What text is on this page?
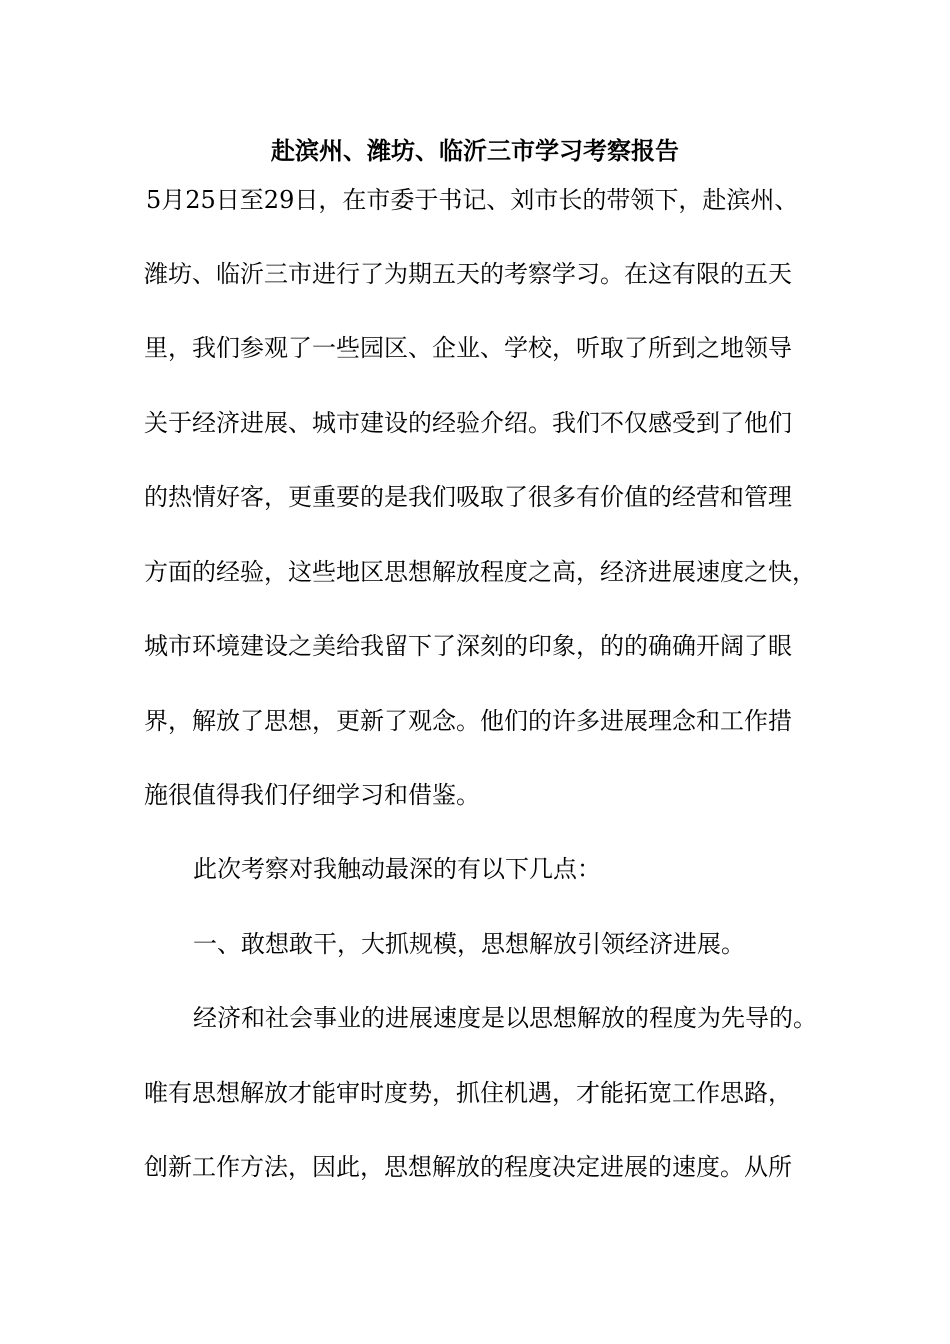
赴滨州、潍坊、临沂三市学习考察报告
5月25日至29日，在市委于书记、刘市长的带领下，赴滨州、
潍坊、临沂三市进行了为期五天的考察学习。在这有限的五天
里，我们参观了一些园区、企业、学校，听取了所到之地领导
关于经济进展、城市建设的经验介绍。我们不仅感受到了他们
的热情好客，更重要的是我们吸取了很多有价值的经营和管理
方面的经验，这些地区思想解放程度之高，经济进展速度之快，
城市环境建设之美给我留下了深刻的印象，的的确确开阔了眼
界，解放了思想，更新了观念。他们的许多进展理念和工作措
施很值得我们仔细学习和借鉴。
此次考察对我触动最深的有以下几点：
一、敢想敢干，大抓规模，思想解放引领经济进展。
经济和社会事业的进展速度是以思想解放的程度为先导的。
唯有思想解放才能审时度势，抓住机遇，才能拓宽工作思路，
创新工作方法，因此，思想解放的程度决定进展的速度。从所
